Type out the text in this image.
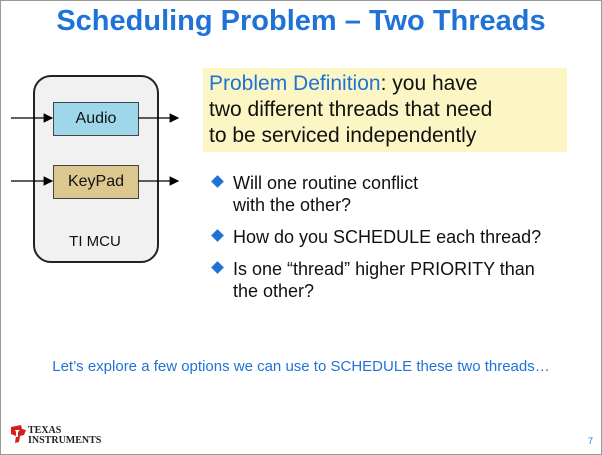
Scheduling Problem – Two Threads
Audio
KeyPad
TI MCU
Problem Definition: you have
two different threads that need
to be serviced independently
Will one routine conflict
with the other?
How do you SCHEDULE each thread?
Is one “thread” higher PRIORITY than
the other?
Let’s explore a few options we can use to SCHEDULE these two threads…
TEXAS
INSTRUMENTS	7
